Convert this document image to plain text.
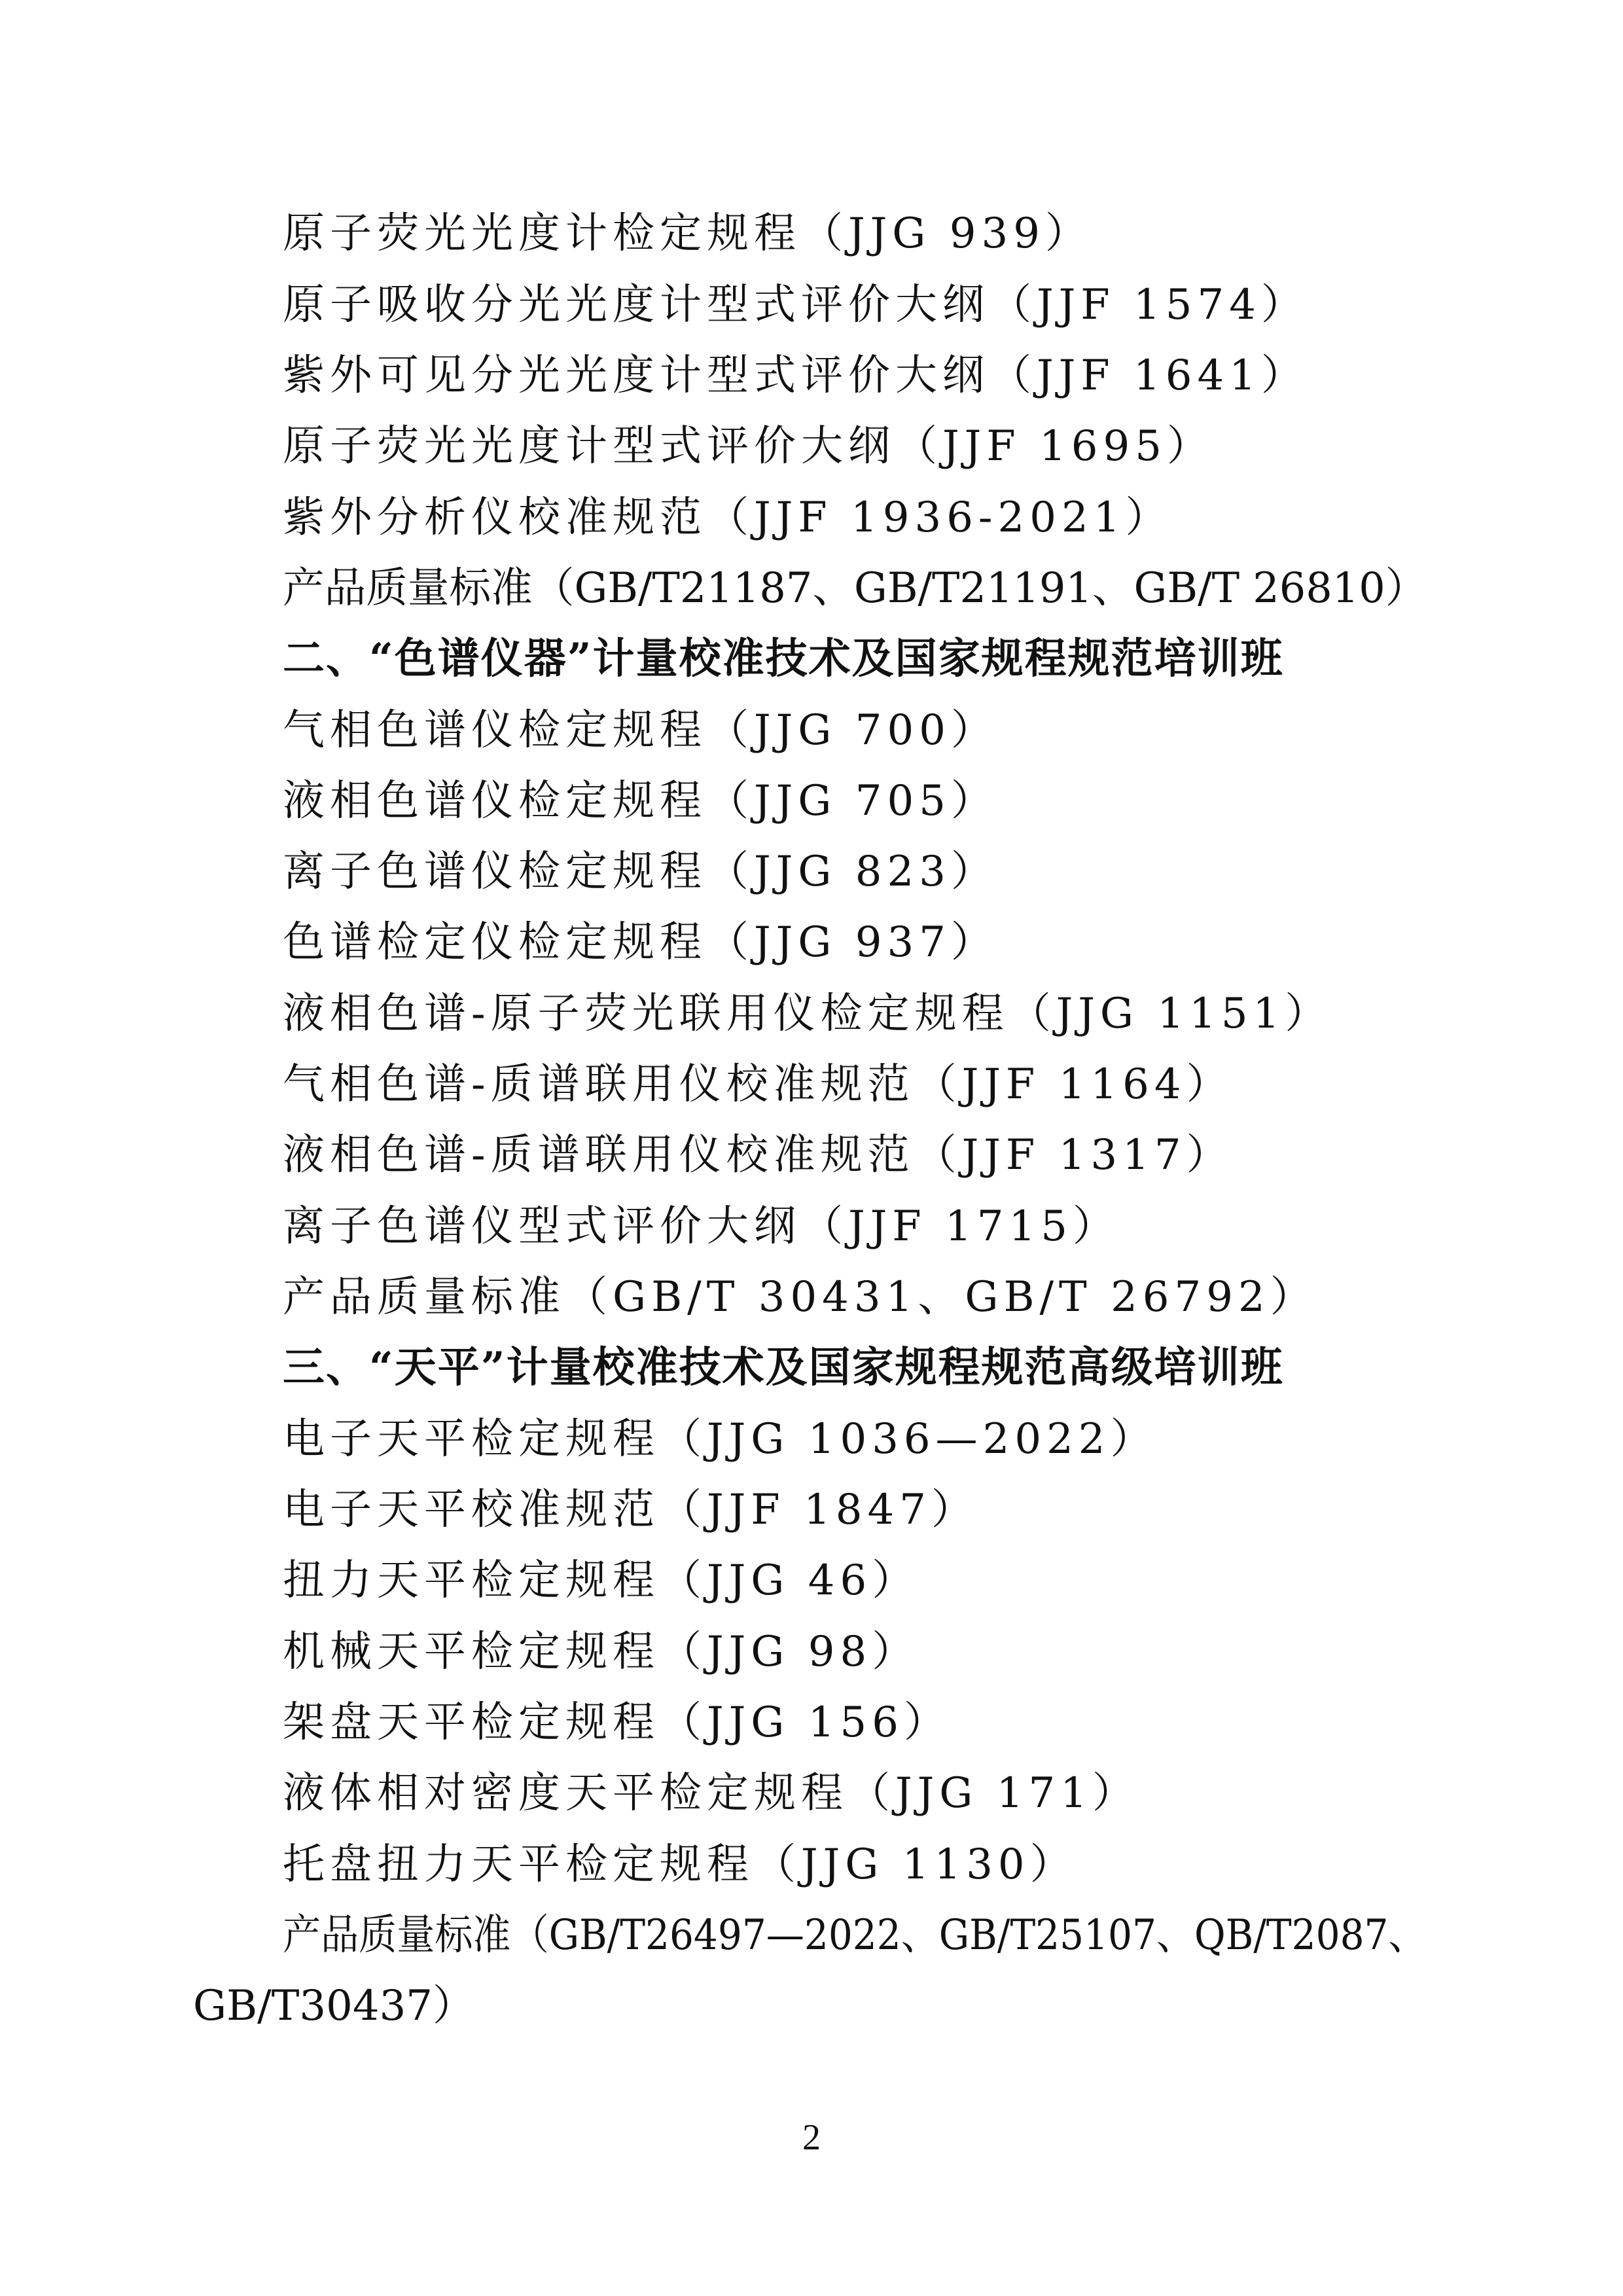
原子荧光光度计检定规程（JJG 939）
原子吸收分光光度计型式评价大纲（JJF 1574）
紫外可见分光光度计型式评价大纲（JJF 1641）
原子荧光光度计型式评价大纲（JJF 1695）
紫外分析仪校准规范（JJF 1936-2021）
产品质量标准（GB/T21187、GB/T21191、GB/T 26810）
二、“色谱仪器”计量校准技术及国家规程规范培训班
气相色谱仪检定规程（JJG 700）
液相色谱仪检定规程（JJG 705）
离子色谱仪检定规程（JJG 823）
色谱检定仪检定规程（JJG 937）
液相色谱-原子荧光联用仪检定规程（JJG 1151）
气相色谱-质谱联用仪校准规范（JJF 1164）
液相色谱-质谱联用仪校准规范（JJF 1317）
离子色谱仪型式评价大纲（JJF 1715）
产品质量标准（GB/T 30431、GB/T 26792）
三、“天平”计量校准技术及国家规程规范高级培训班
电子天平检定规程（JJG 1036—2022）
电子天平校准规范（JJF 1847）
扭力天平检定规程（JJG 46）
机械天平检定规程（JJG 98）
架盘天平检定规程（JJG 156）
液体相对密度天平检定规程（JJG 171）
托盘扭力天平检定规程（JJG 1130）
产品质量标准（GB/T26497—2022、GB/T25107、QB/T2087、
GB/T30437）
2
